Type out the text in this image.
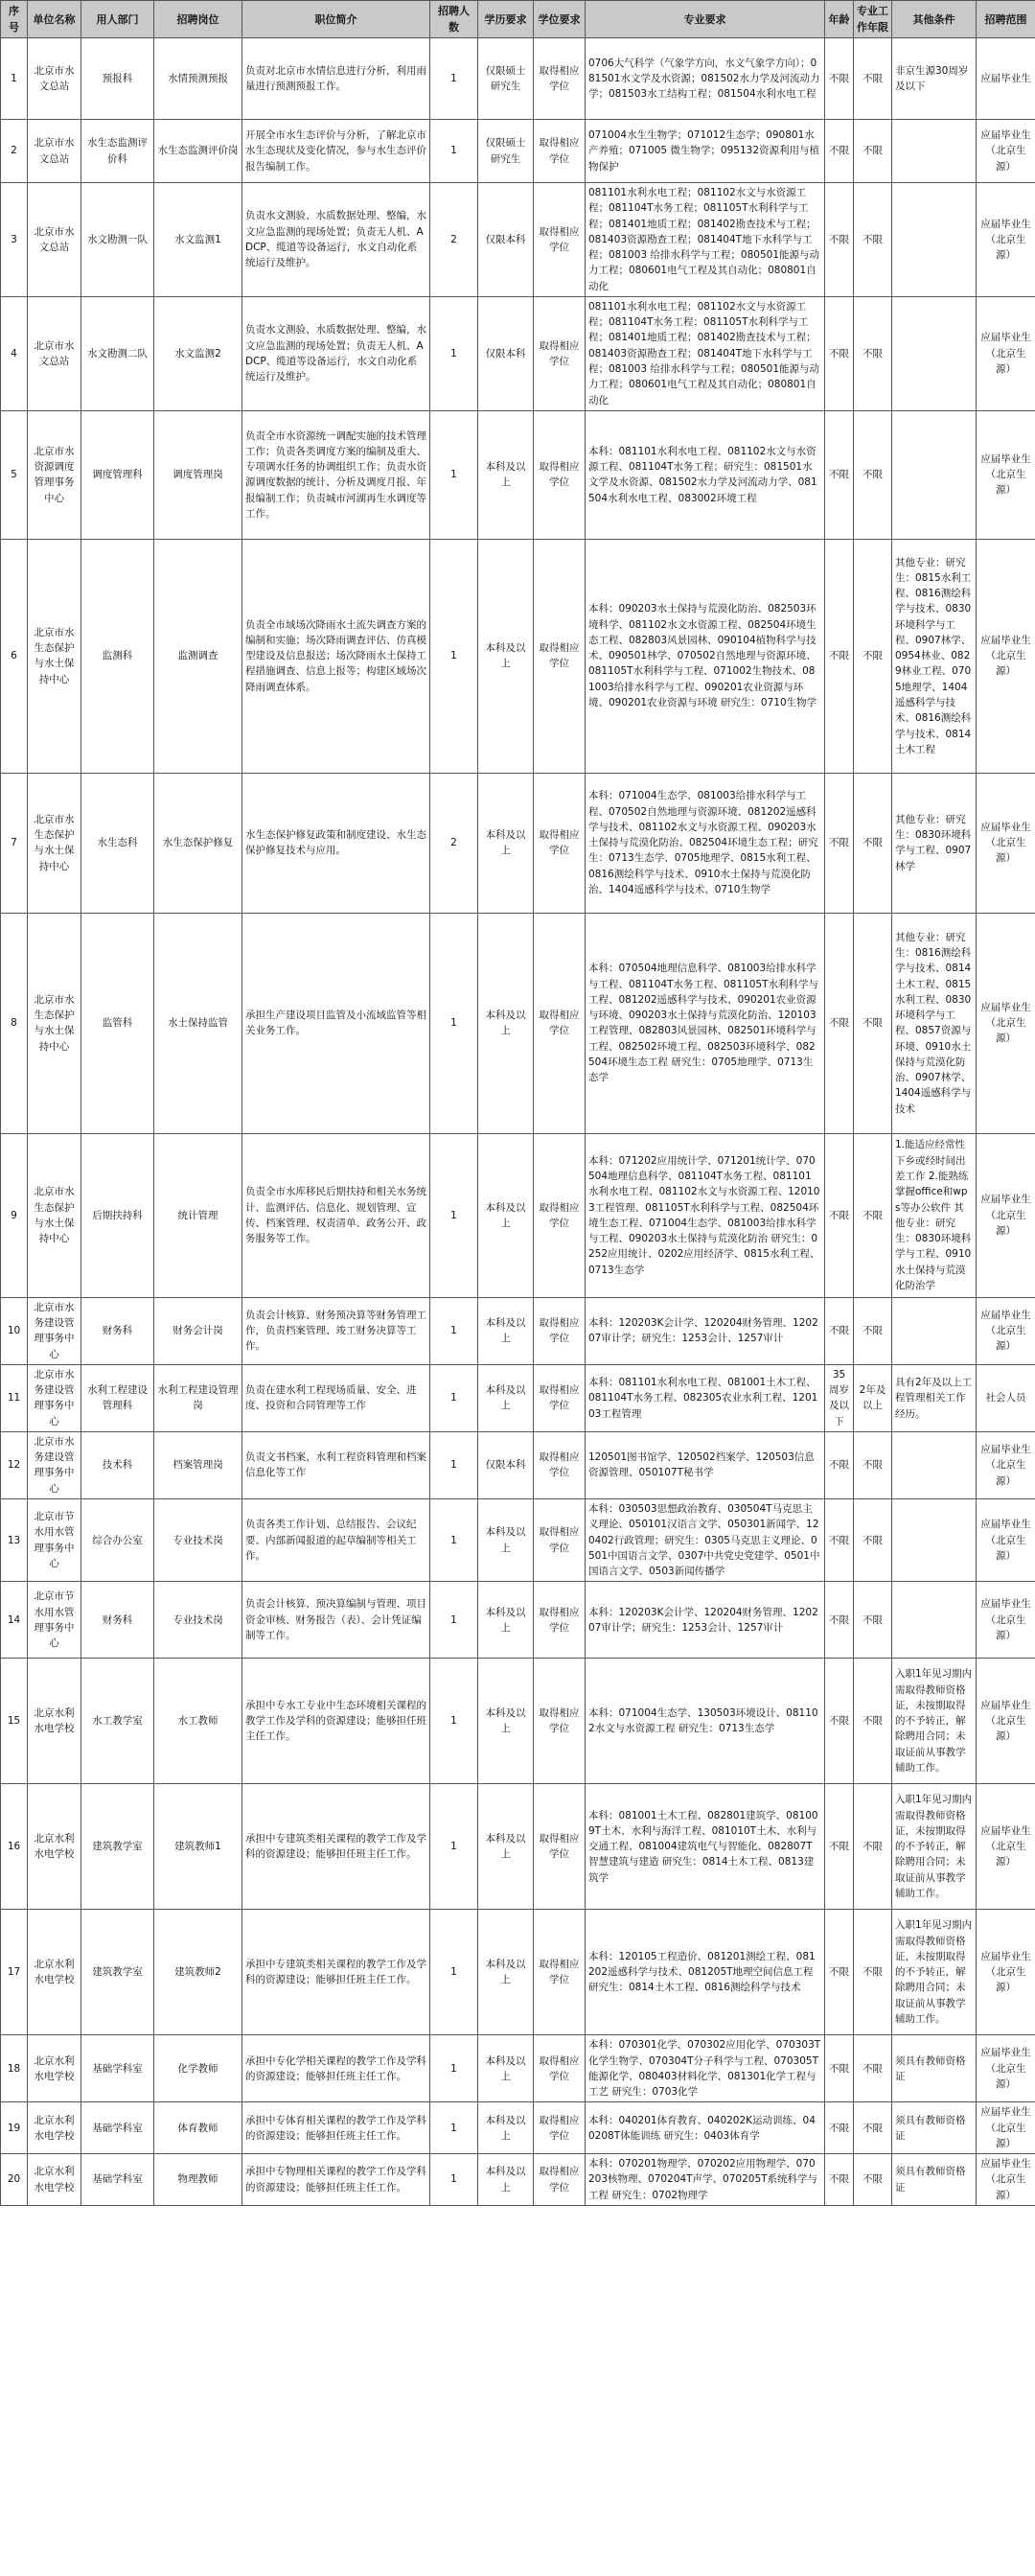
序号	单位名称	用人部门	招聘岗位	职位简介	招聘人数	学历要求	学位要求	专业要求	年龄	专业工作年限	其他条件	招聘范围
1	北京市水文总站	预报科	水情预测预报	负责对北京市水情信息进行分析，利用雨量进行预测预报工作。	1	仅限硕士研究生	取得相应学位	0706大气科学（气象学方向，水文气象学方向）；081501水文学及水资源；081502水力学及河流动力学；081503水工结构工程；081504水利水电工程	不限	不限	非京生源30周岁及以下	应届毕业生
2	北京市水文总站	水生态监测评价科	水生态监测评价岗	开展全市水生态评价与分析，了解北京市水生态现状及变化情况，参与水生态评价报告编制工作。	1	仅限硕士研究生	取得相应学位	071004水生生物学；071012生态学；090801水产养殖；071005 微生物学；095132资源利用与植物保护	不限	不限		应届毕业生（北京生源）
3	北京市水文总站	水文勘测一队	水文监测1	负责水文测验、水质数据处理、整编，水文应急监测的现场处置；负责无人机、ADCP、缆道等设备运行，水文自动化系统运行及维护。	2	仅限本科	取得相应学位	081101水利水电工程；081102水文与水资源工程；081104T水务工程；081105T水利科学与工程；081401地质工程；081402勘查技术与工程；081403资源勘查工程；081404T地下水科学与工程；081003 给排水科学与工程；080501能源与动力工程；080601电气工程及其自动化；080801自动化	不限	不限		应届毕业生（北京生源）
4	北京市水文总站	水文勘测二队	水文监测2	负责水文测验、水质数据处理、整编，水文应急监测的现场处置；负责无人机、ADCP、缆道等设备运行，水文自动化系统运行及维护。	1	仅限本科	取得相应学位	081101水利水电工程；081102水文与水资源工程；081104T水务工程；081105T水利科学与工程；081401地质工程；081402勘查技术与工程；081403资源勘查工程；081404T地下水科学与工程；081003 给排水科学与工程；080501能源与动力工程；080601电气工程及其自动化；080801自动化	不限	不限		应届毕业生（北京生源）
5	北京市水资源调度管理事务中心	调度管理科	调度管理岗	负责全市水资源统一调配实施的技术管理工作；负责各类调度方案的编制及重大、专项调水任务的协调组织工作；负责水资源调度数据的统计、分析及调度月报、年报编制工作；负责城市河湖再生水调度等工作。	1	本科及以上	取得相应学位	本科：081101水利水电工程、081102水文与水资源工程、081104T水务工程；研究生：081501水文学及水资源、081502水力学及河流动力学、081504水利水电工程、083002环境工程	不限	不限		应届毕业生（北京生源）
6	北京市水生态保护与水土保持中心	监测科	监测调查	负责全市域场次降雨水土流失调查方案的编制和实施；场次降雨调查评估、仿真模型建设及信息报送；场次降雨水土保持工程措施调查、信息上报等；构建区域场次降雨调查体系。	1	本科及以上	取得相应学位	本科：090203水土保持与荒漠化防治、082503环境科学、081102水文水资源工程、082504环境生态工程、082803风景园林、090104植物科学与技术、090501林学、070502自然地理与资源环境、081105T水利科学与工程、071002生物技术、081003给排水科学与工程、090201农业资源与环境、090201农业资源与环境 研究生：0710生物学	不限	不限	其他专业：研究生：0815水利工程、0816测绘科学与技术、0830环境科学与工程、0907林学、0954林业、0829林业工程、0705地理学、1404遥感科学与技术、0816测绘科学与技术、0814土木工程	应届毕业生（北京生源）
7	北京市水生态保护与水土保持中心	水生态科	水生态保护修复	水生态保护修复政策和制度建设、水生态保护修复技术与应用。	2	本科及以上	取得相应学位	本科：071004生态学、081003给排水科学与工程、070502自然地理与资源环境、081202遥感科学与技术、081102水文与水资源工程、090203水土保持与荒漠化防治、082504环境生态工程；研究生：0713生态学、0705地理学、0815水利工程、0816测绘科学与技术、0910水土保持与荒漠化防治、1404遥感科学与技术、0710生物学	不限	不限	其他专业：研究生：0830环境科学与工程、0907林学	应届毕业生（北京生源）
8	北京市水生态保护与水土保持中心	监管科	水土保持监管	承担生产建设项目监管及小流域监管等相关业务工作。	1	本科及以上	取得相应学位	本科：070504地理信息科学、081003给排水科学与工程、081104T水务工程、081105T水利科学与工程、081202遥感科学与技术、090201农业资源与环境、090203水土保持与荒漠化防治、120103工程管理、082803风景园林、082501环境科学与工程、082502环境工程、082503环境科学、082504环境生态工程 研究生：0705地理学、0713生态学	不限	不限	其他专业：研究生：0816测绘科学与技术、0814土木工程、0815水利工程、0830环境科学与工程、0857资源与环境、0910水土保持与荒漠化防治、0907林学、1404遥感科学与技术	应届毕业生（北京生源）
9	北京市水生态保护与水土保持中心	后期扶持科	统计管理	负责全市水库移民后期扶持和相关水务统计、监测评估、信息化、规划管理、宣传、档案管理、权责清单、政务公开、政务服务等工作。	1	本科及以上	取得相应学位	本科：071202应用统计学、071201统计学、070504地理信息科学、081104T水务工程、081101水利水电工程、081102水文与水资源工程、120103工程管理、081105T水利科学与工程、082504环境生态工程、071004生态学、081003给排水科学与工程、090203水土保持与荒漠化防治 研究生：0252应用统计、0202应用经济学、0815水利工程、0713生态学	不限	不限	1.能适应经常性下乡或经时间出差工作 2.能熟练掌握office和wps等办公软件 其他专业：研究生：0830环境科学与工程、0910水土保持与荒漠化防治学	应届毕业生（北京生源）
10	北京市水务建设管理事务中心	财务科	财务会计岗	负责会计核算、财务预决算等财务管理工作，负责档案管理、竣工财务决算等工作。	1	本科及以上	取得相应学位	本科：120203K会计学、120204财务管理、120207审计学；研究生：1253会计、1257审计	不限	不限		应届毕业生（北京生源）
11	北京市水务建设管理事务中心	水利工程建设管理科	水利工程建设管理岗	负责在建水利工程现场质量、安全、进度、投资和合同管理等工作	1	本科及以上	取得相应学位	本科：081101水利水电工程、081001土木工程、081104T水务工程、082305农业水利工程、120103工程管理	35周岁及以下	2年及以上	具有2年及以上工程管理相关工作经历。	社会人员
12	北京市水务建设管理事务中心	技术科	档案管理岗	负责文书档案、水利工程资料管理和档案信息化等工作	1	仅限本科	取得相应学位	120501图书馆学、120502档案学、120503信息资源管理、050107T秘书学	不限	不限		应届毕业生（北京生源）
13	北京市节水用水管理事务中心	综合办公室	专业技术岗	负责各类工作计划、总结报告、会议纪要、内部新闻报道的起草编制等相关工作。	1	本科及以上	取得相应学位	本科：030503思想政治教育、030504T马克思主义理论、050101汉语言文学、050301新闻学、120402行政管理；研究生：0305马克思主义理论、0501中国语言文学、0307中共党史党建学、0501中国语言文学、0503新闻传播学	不限	不限		应届毕业生（北京生源）
14	北京市节水用水管理事务中心	财务科	专业技术岗	负责会计核算、预决算编制与管理、项目资金审核、财务报告（表）、会计凭证编制等工作。	1	本科及以上	取得相应学位	本科：120203K会计学、120204财务管理、120207审计学；研究生：1253会计、1257审计	不限	不限		应届毕业生（北京生源）
15	北京水利水电学校	水工教学室	水工教师	承担中专水工专业中生态环境相关课程的教学工作及学科的资源建设；能够担任班主任工作。	1	本科及以上	取得相应学位	本科：071004生态学、130503环境设计、081102水文与水资源工程 研究生：0713生态学	不限	不限	入职1年见习期内需取得教师资格证，未按期取得的不予转正，解除聘用合同；未取证前从事教学辅助工作。	应届毕业生（北京生源）
16	北京水利水电学校	建筑教学室	建筑教师1	承担中专建筑类相关课程的教学工作及学科的资源建设；能够担任班主任工作。	1	本科及以上	取得相应学位	本科：081001土木工程、082801建筑学、081009T土木、水利与海洋工程、081010T土木、水利与交通工程、081004建筑电气与智能化、082807T智慧建筑与建造 研究生：0814土木工程、0813建筑学	不限	不限	入职1年见习期内需取得教师资格证，未按期取得的不予转正，解除聘用合同；未取证前从事教学辅助工作。	应届毕业生（北京生源）
17	北京水利水电学校	建筑教学室	建筑教师2	承担中专建筑类相关课程的教学工作及学科的资源建设；能够担任班主任工作。	1	本科及以上	取得相应学位	本科：120105工程造价、081201测绘工程、081202遥感科学与技术、081205T地理空间信息工程 研究生：0814土木工程、0816测绘科学与技术	不限	不限	入职1年见习期内需取得教师资格证，未按期取得的不予转正，解除聘用合同；未取证前从事教学辅助工作。	应届毕业生（北京生源）
18	北京水利水电学校	基础学科室	化学教师	承担中专化学相关课程的教学工作及学科的资源建设；能够担任班主任工作。	1	本科及以上	取得相应学位	本科：070301化学、070302应用化学、070303T化学生物学、070304T分子科学与工程、070305T能源化学、080403材料化学、081301化学工程与工艺 研究生：0703化学	不限	不限	须具有教师资格证	应届毕业生（北京生源）
19	北京水利水电学校	基础学科室	体育教师	承担中专体育相关课程的教学工作及学科的资源建设；能够担任班主任工作。	1	本科及以上	取得相应学位	本科：040201体育教育、040202K运动训练、040208T体能训练 研究生：0403体育学	不限	不限	须具有教师资格证	应届毕业生（北京生源）
20	北京水利水电学校	基础学科室	物理教师	承担中专物理相关课程的教学工作及学科的资源建设；能够担任班主任工作。	1	本科及以上	取得相应学位	本科：070201物理学、070202应用物理学、070203核物理、070204T声学、070205T系统科学与工程 研究生：0702物理学	不限	不限	须具有教师资格证	应届毕业生（北京生源）
